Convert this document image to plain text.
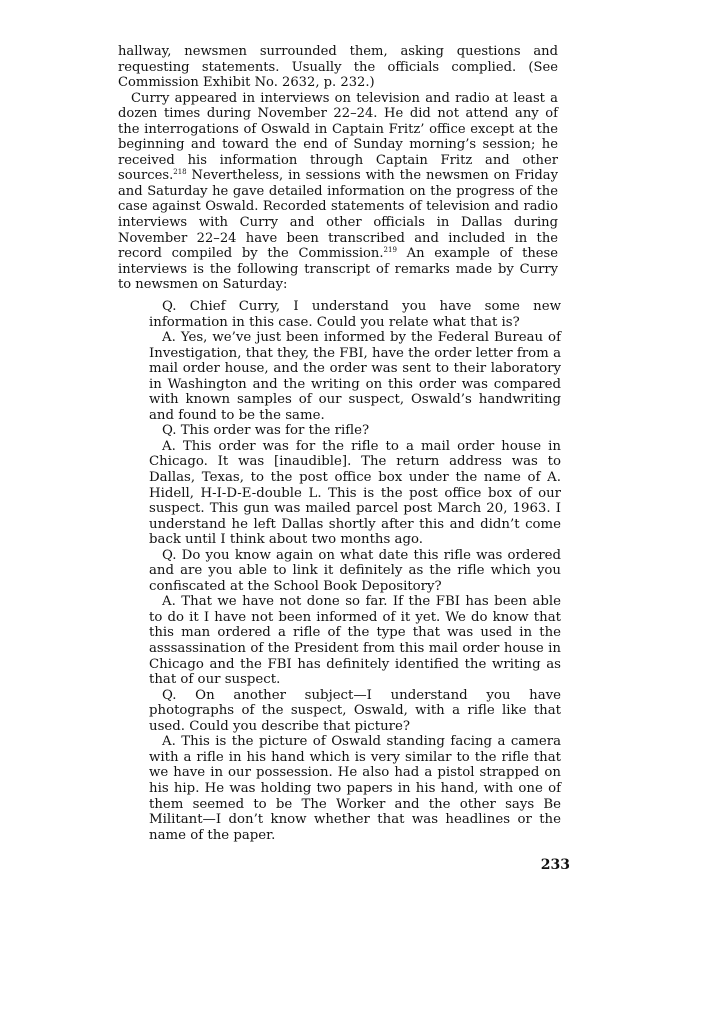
hallway, newsmen surrounded them, asking questions and requesting statements. Usually the officials complied. (See Commission Exhibit No. 2632, p. 232.)

Curry appeared in interviews on television and radio at least a dozen times during November 22–24. He did not attend any of the interrogations of Oswald in Captain Fritz’ office except at the beginning and toward the end of Sunday morning’s session; he received his information through Captain Fritz and other sources.$^{218}$ Nevertheless, in sessions with the newsmen on Friday and Saturday he gave detailed information on the progress of the case against Oswald. Recorded statements of television and radio interviews with Curry and other officials in Dallas during November 22–24 have been transcribed and included in the record compiled by the Commission.$^{219}$ An example of these interviews is the following transcript of remarks made by Curry to newsmen on Saturday:

Q. Chief Curry, I understand you have some new information in this case. Could you relate what that is?

A. Yes, we’ve just been informed by the Federal Bureau of Investigation, that they, the FBI, have the order letter from a mail order house, and the order was sent to their laboratory in Washington and the writing on this order was compared with known samples of our suspect, Oswald’s handwriting and found to be the same.

Q. This order was for the rifle?

A. This order was for the rifle to a mail order house in Chicago. It was [inaudible]. The return address was to Dallas, Texas, to the post office box under the name of A. Hidell, H-I-D-E-double L. This is the post office box of our suspect. This gun was mailed parcel post March 20, 1963. I understand he left Dallas shortly after this and didn’t come back until I think about two months ago.

Q. Do you know again on what date this rifle was ordered and are you able to link it definitely as the rifle which you confiscated at the School Book Depository?

A. That we have not done so far. If the FBI has been able to do it I have not been informed of it yet. We do know that this man ordered a rifle of the type that was used in the asssassination of the President from this mail order house in Chicago and the FBI has definitely identified the writing as that of our suspect.

Q. On another subject—I understand you have photographs of the suspect, Oswald, with a rifle like that used. Could you describe that picture?

A. This is the picture of Oswald standing facing a camera with a rifle in his hand which is very similar to the rifle that we have in our possession. He also had a pistol strapped on his hip. He was holding two papers in his hand, with one of them seemed to be The Worker and the other says Be Militant—I don’t know whether that was headlines or the name of the paper.

233
